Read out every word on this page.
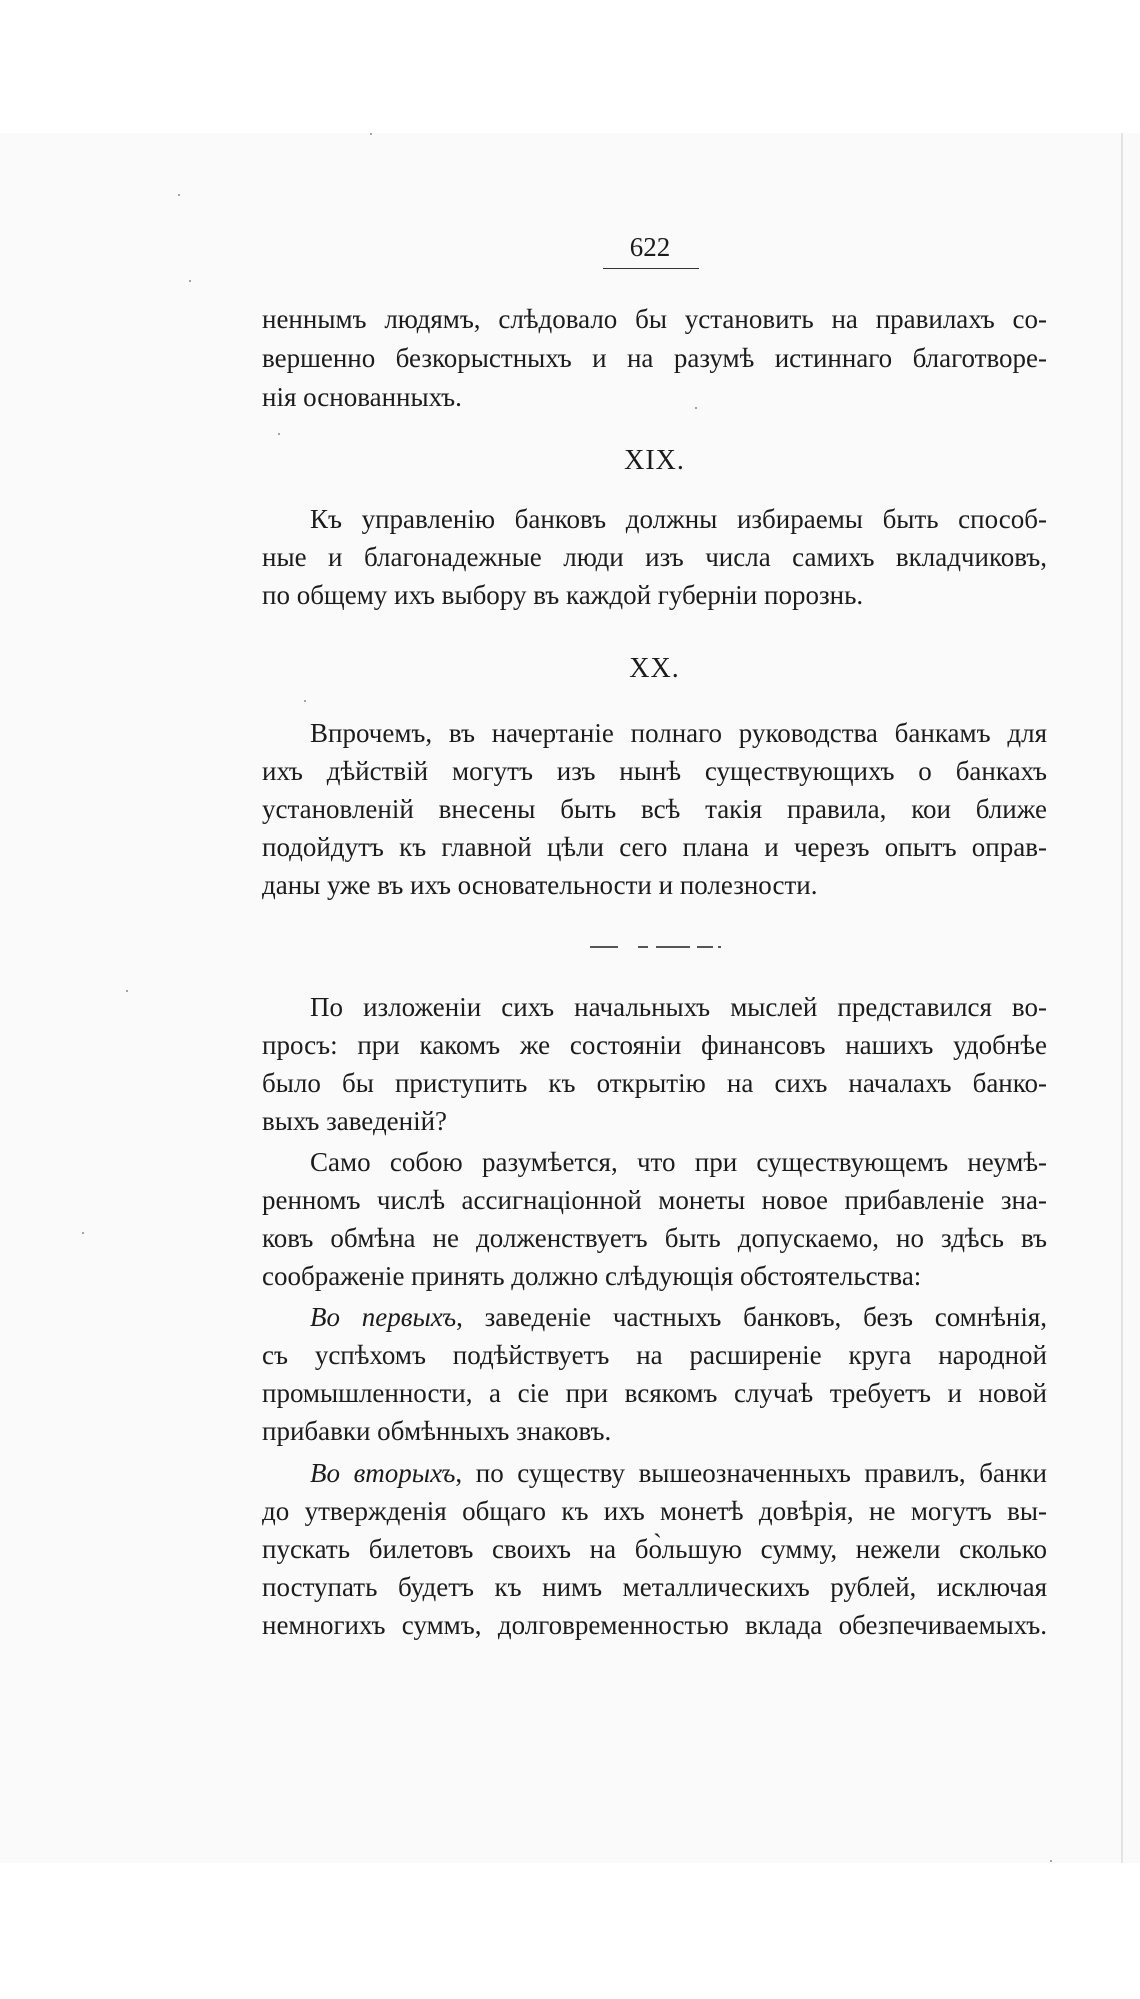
622
неннымъ людямъ, слѣдовало бы установить на правилахъ со-
вершенно безкорыстныхъ и на разумѣ истиннаго благотворе-
нія основанныхъ.
XIX.
Къ управленію банковъ должны избираемы быть способ-
ные и благонадежные люди изъ числа самихъ вкладчиковъ,
по общему ихъ выбору въ каждой губерніи порознь.
XX.
Впрочемъ, въ начертаніе полнаго руководства банкамъ для
ихъ дѣйствій могутъ изъ нынѣ существующихъ о банкахъ
установленій внесены быть всѣ такія правила, кои ближе
подойдутъ къ главной цѣли сего плана и черезъ опытъ оправ-
даны уже въ ихъ основательности и полезности.
По изложеніи сихъ начальныхъ мыслей представился во-
просъ: при какомъ же состояніи финансовъ нашихъ удобнѣе
было бы приступить къ открытію на сихъ началахъ банко-
выхъ заведеній?
Само собою разумѣется, что при существующемъ неумѣ-
ренномъ числѣ ассигнаціонной монеты новое прибавленіе зна-
ковъ обмѣна не долженствуетъ быть допускаемо, но здѣсь въ
соображеніе принять должно слѣдующія обстоятельства:
Во первыхъ, заведеніе частныхъ банковъ, безъ сомнѣнія,
съ успѣхомъ подѣйствуетъ на расширеніе круга народной
промышленности, а сіе при всякомъ случаѣ требуетъ и новой
прибавки обмѣнныхъ знаковъ.
Во вторыхъ, по существу вышеозначенныхъ правилъ, банки
до утвержденія общаго къ ихъ монетѣ довѣрія, не могутъ вы-
пускать билетовъ своихъ на бо̀льшую сумму, нежели сколько
поступать будетъ къ нимъ металлическихъ рублей, исключая
немногихъ суммъ, долговременностью вклада обезпечиваемыхъ.
